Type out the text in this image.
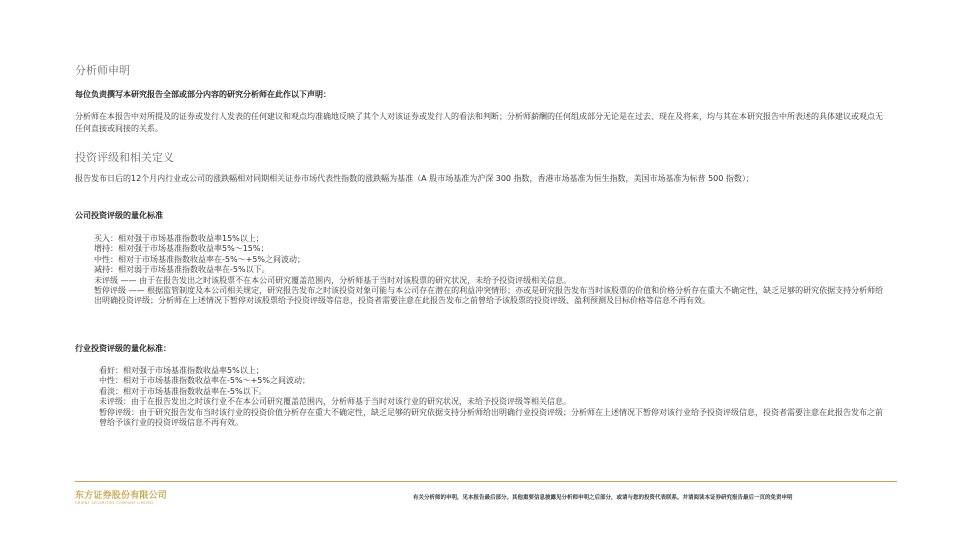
分析师申明
每位负责撰写本研究报告全部或部分内容的研究分析师在此作以下声明：
分析师在本报告中对所提及的证券或发行人发表的任何建议和观点均准确地反映了其个人对该证券或发行人的看法和判断；分析师薪酬的任何组成部分无论是在过去、现在及将来，均与其在本研究报告中所表述的具体建议或观点无任何直接或间接的关系。
投资评级和相关定义
报告发布日后的12个月内行业或公司的涨跌幅相对同期相关证券市场代表性指数的涨跌幅为基准（A 股市场基准为沪深 300 指数，香港市场基准为恒生指数，美国市场基准为标普 500 指数）；
公司投资评级的量化标准
买入：相对强于市场基准指数收益率15%以上；
增持：相对强于市场基准指数收益率5%～15%；
中性：相对于市场基准指数收益率在-5%～+5%之间波动；
减持：相对弱于市场基准指数收益率在-5%以下。
未评级 —— 由于在报告发出之时该股票不在本公司研究覆盖范围内，分析师基于当时对该股票的研究状况，未给予投资评级相关信息。
暂停评级 —— 根据监管制度及本公司相关规定，研究报告发布之时该投资对象可能与本公司存在潜在的利益冲突情形；亦或是研究报告发布当时该股票的价值和价格分析存在重大不确定性，缺乏足够的研究依据支持分析师给出明确投资评级；分析师在上述情况下暂停对该股票给予投资评级等信息，投资者需要注意在此报告发布之前曾给予该股票的投资评级、盈利预测及目标价格等信息不再有效。
行业投资评级的量化标准：
看好：相对强于市场基准指数收益率5%以上；
中性：相对于市场基准指数收益率在-5%～+5%之间波动；
看淡：相对于市场基准指数收益率在-5%以下。
未评级：由于在报告发出之时该行业不在本公司研究覆盖范围内，分析师基于当时对该行业的研究状况，未给予投资评级等相关信息。
暂停评级：由于研究报告发布当时该行业的投资价值分析存在重大不确定性，缺乏足够的研究依据支持分析师给出明确行业投资评级；分析师在上述情况下暂停对该行业给予投资评级信息，投资者需要注意在此报告发布之前曾给予该行业的投资评级信息不再有效。
东方证券股份有限公司
ORIENT SECURITIES COMPANY LIMITED
有关分析师的申明，见本报告最后部分。其他重要信息披露见分析师申明之后部分，或请与您的投资代表联系。并请阅读本证券研究报告最后一页的免责申明
